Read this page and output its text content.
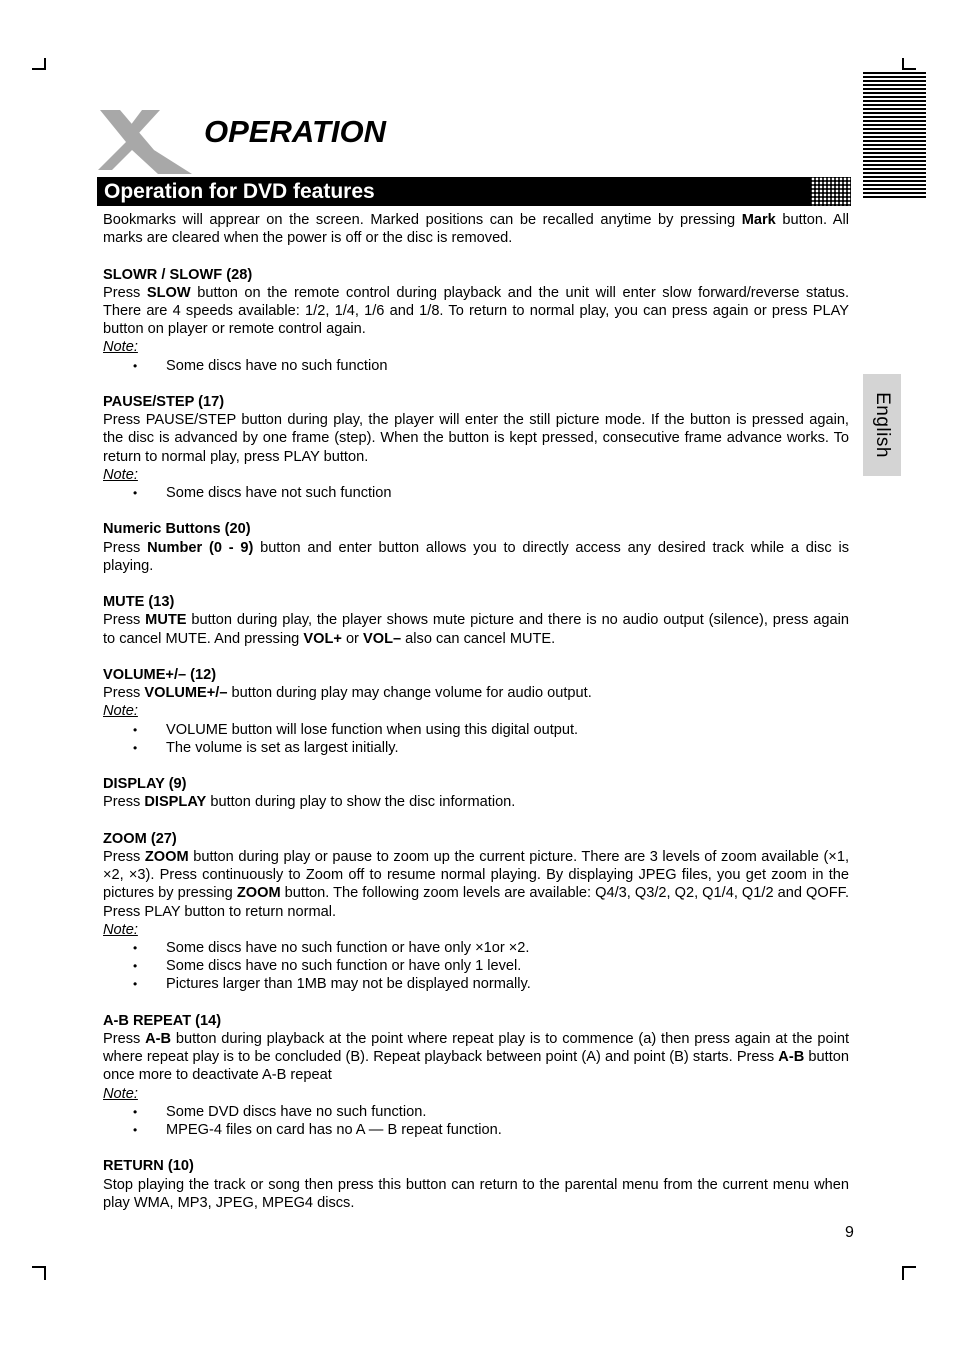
OPERATION
English
Operation for DVD features

Bookmarks will apprear on the screen. Marked positions can be recalled anytime by pressing Mark button. All marks are cleared when the power is off or the disc is removed.

SLOWR / SLOWF (28)

Press SLOW button on the remote control during playback and the unit will enter slow forward/reverse status. There are 4 speeds available: 1/2, 1/4, 1/6 and 1/8. To return to normal play, you can press again or press PLAY button on player or remote control again.

Note:

• Some discs have no such function

PAUSE/STEP (17)

Press PAUSE/STEP button during play, the player will enter the still picture mode. If the button is pressed again, the disc is advanced by one frame (step). When the button is kept pressed, consecutive frame advance works. To return to normal play, press PLAY button.

Note:

• Some discs have not such function

Numeric Buttons (20)

Press Number (0 - 9) button and enter button allows you to directly access any desired track while a disc is playing.

MUTE (13)

Press MUTE button during play, the player shows mute picture and there is no audio output (silence), press again to cancel MUTE. And pressing VOL+ or VOL– also can cancel MUTE.

VOLUME+/– (12)

Press VOLUME+/– button during play may change volume for audio output.

Note:

• VOLUME button will lose function when using this digital output.
• The volume is set as largest initially.

DISPLAY (9)

Press DISPLAY button during play to show the disc information.

ZOOM (27)

Press ZOOM button during play or pause to zoom up the current picture. There are 3 levels of zoom available (×1, ×2, ×3). Press continuously to Zoom off to resume normal playing. By displaying JPEG files, you get zoom in the pictures by pressing ZOOM button. The following zoom levels are available: Q4/3, Q3/2, Q2, Q1/4, Q1/2 and QOFF. Press PLAY button to return normal.

Note:

• Some discs have no such function or have only ×1or ×2.
• Some discs have no such function or have only 1 level.
• Pictures larger than 1MB may not be displayed normally.

A-B REPEAT (14)

Press A-B button during playback at the point where repeat play is to commence (a) then press again at the point where repeat play is to be concluded (B). Repeat playback between point (A) and point (B) starts. Press A-B button once more to deactivate A-B repeat

Note:

• Some DVD discs have no such function.
• MPEG-4 files on card has no A — B repeat function.

RETURN (10)

Stop playing the track or song then press this button can return to the parental menu from the current menu when play WMA, MP3, JPEG, MPEG4 discs.

9
